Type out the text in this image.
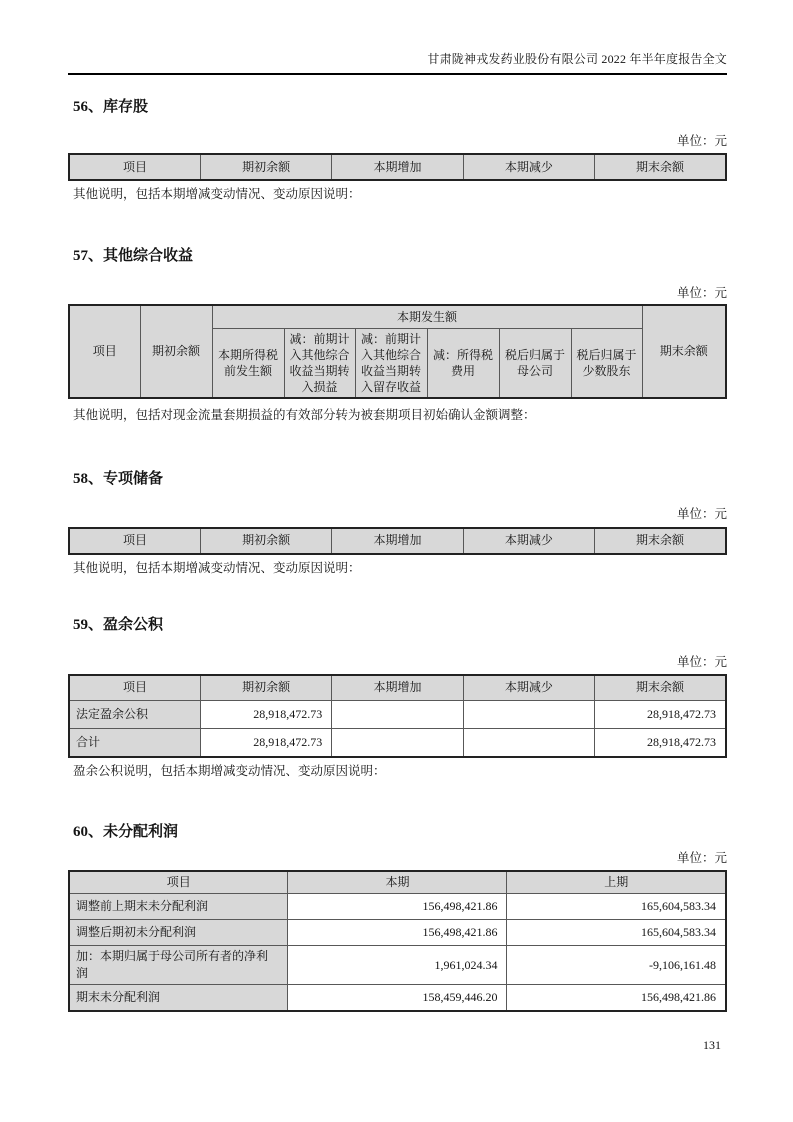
甘肃陇神戎发药业股份有限公司 2022 年半年度报告全文
56、库存股
单位：元
项目	期初余额	本期增加	本期减少	期末余额

其他说明，包括本期增减变动情况、变动原因说明：

57、其他综合收益
单位：元
项目	期初余额	本期发生额						期末余额
		本期所得税前发生额	减：前期计入其他综合收益当期转入损益	减：前期计入其他综合收益当期转入留存收益	减：所得税费用	税后归属于母公司	税后归属于少数股东	

其他说明，包括对现金流量套期损益的有效部分转为被套期项目初始确认金额调整：

58、专项储备
单位：元
项目	期初余额	本期增加	本期减少	期末余额

其他说明，包括本期增减变动情况、变动原因说明：

59、盈余公积
单位：元
项目	期初余额	本期增加	本期减少	期末余额
法定盈余公积	28,918,472.73			28,918,472.73
合计	28,918,472.73			28,918,472.73

盈余公积说明，包括本期增减变动情况、变动原因说明：

60、未分配利润
单位：元
项目	本期	上期
调整前上期末未分配利润	156,498,421.86	165,604,583.34
调整后期初未分配利润	156,498,421.86	165,604,583.34
加：本期归属于母公司所有者的净利润	1,961,024.34	-9,106,161.48
期末未分配利润	158,459,446.20	156,498,421.86
131
